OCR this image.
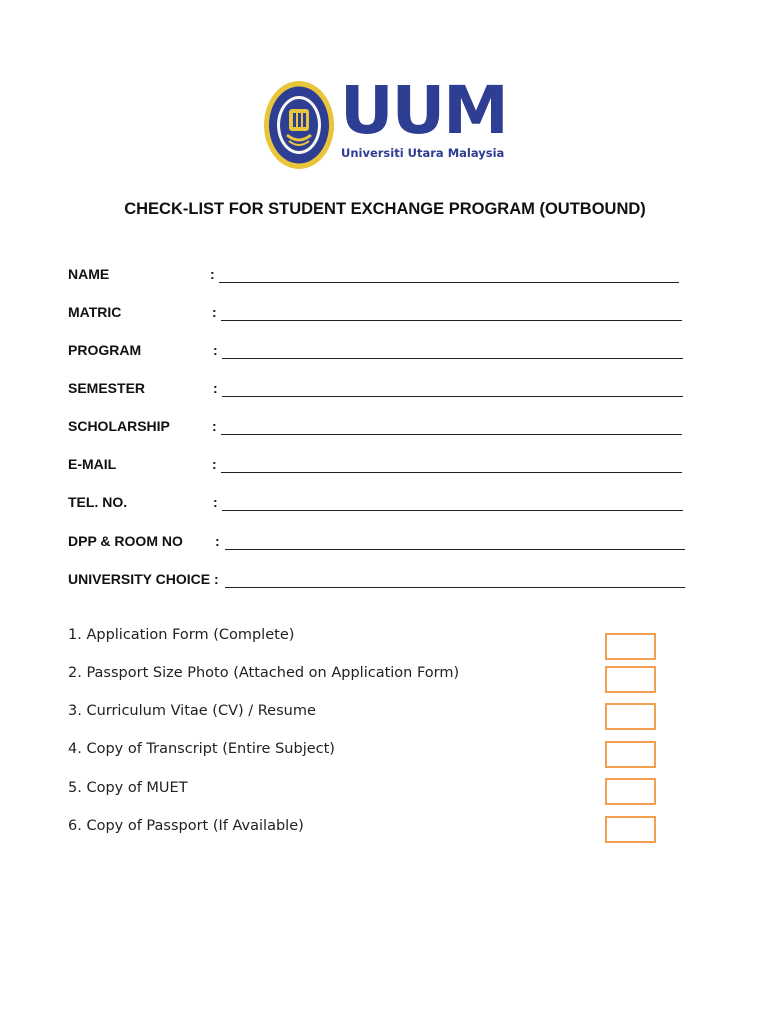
UUM
Universiti Utara Malaysia
CHECK-LIST FOR STUDENT EXCHANGE PROGRAM (OUTBOUND)
NAME	:
MATRIC	:
PROGRAM	:
SEMESTER	:
SCHOLARSHIP	:
E-MAIL	:
TEL. NO.	:
DPP & ROOM NO :
UNIVERSITY CHOICE :
1. Application Form (Complete)
2. Passport Size Photo (Attached on Application Form)
3. Curriculum Vitae (CV) / Resume
4. Copy of Transcript (Entire Subject)
5. Copy of MUET
6. Copy of Passport (If Available)
